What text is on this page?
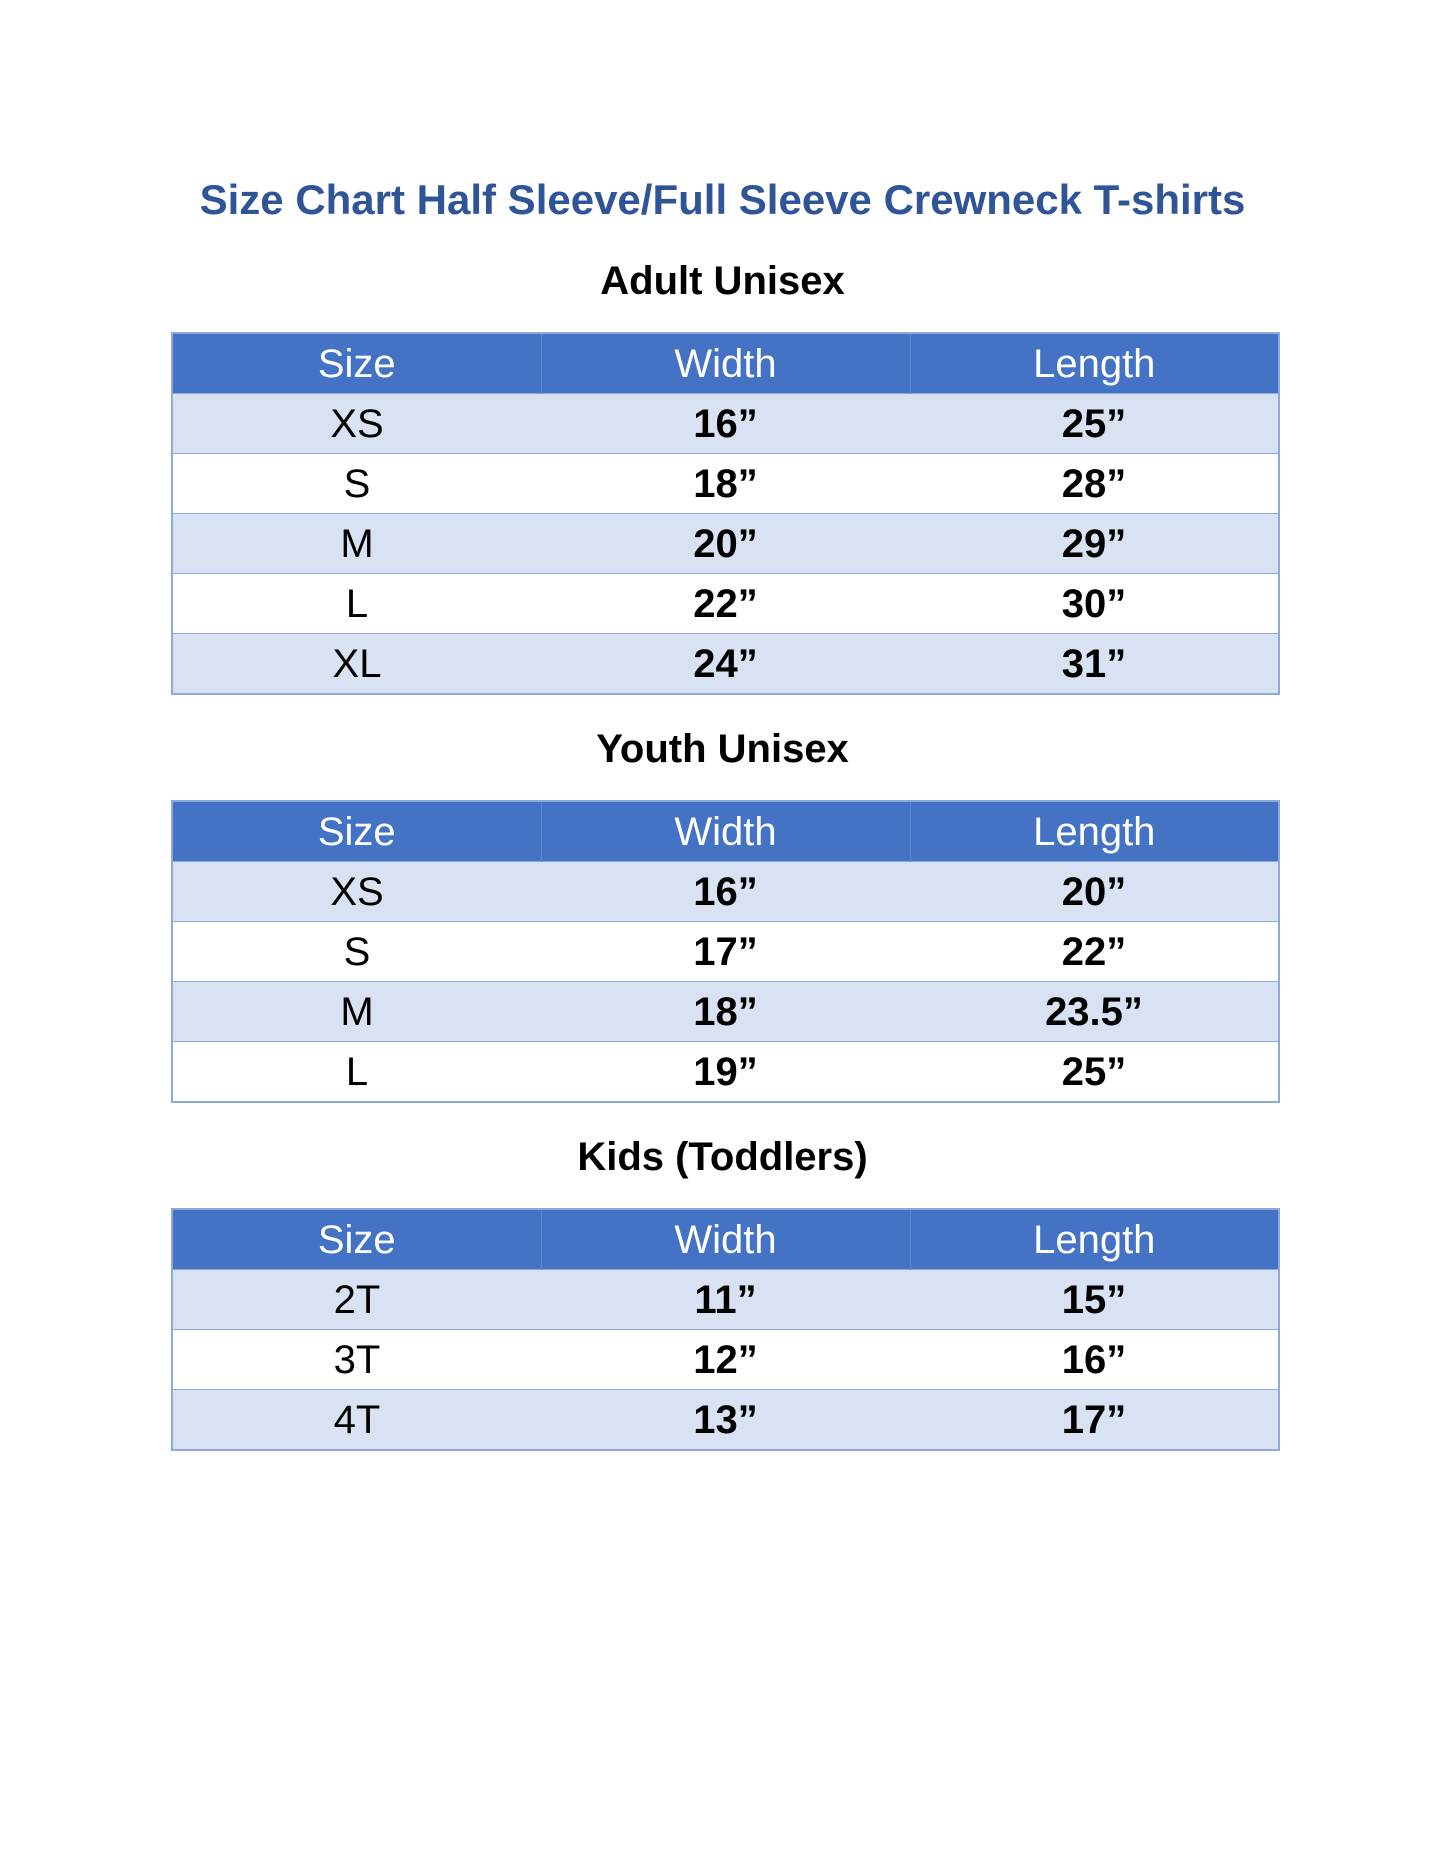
Size Chart Half Sleeve/Full Sleeve Crewneck T-shirts
Adult Unisex
Size	Width	Length
XS	16”	25”
S	18”	28”
M	20”	29”
L	22”	30”
XL	24”	31”
Youth Unisex
Size	Width	Length
XS	16”	20”
S	17”	22”
M	18”	23.5”
L	19”	25”
Kids (Toddlers)
Size	Width	Length
2T	11”	15”
3T	12”	16”
4T	13”	17”
